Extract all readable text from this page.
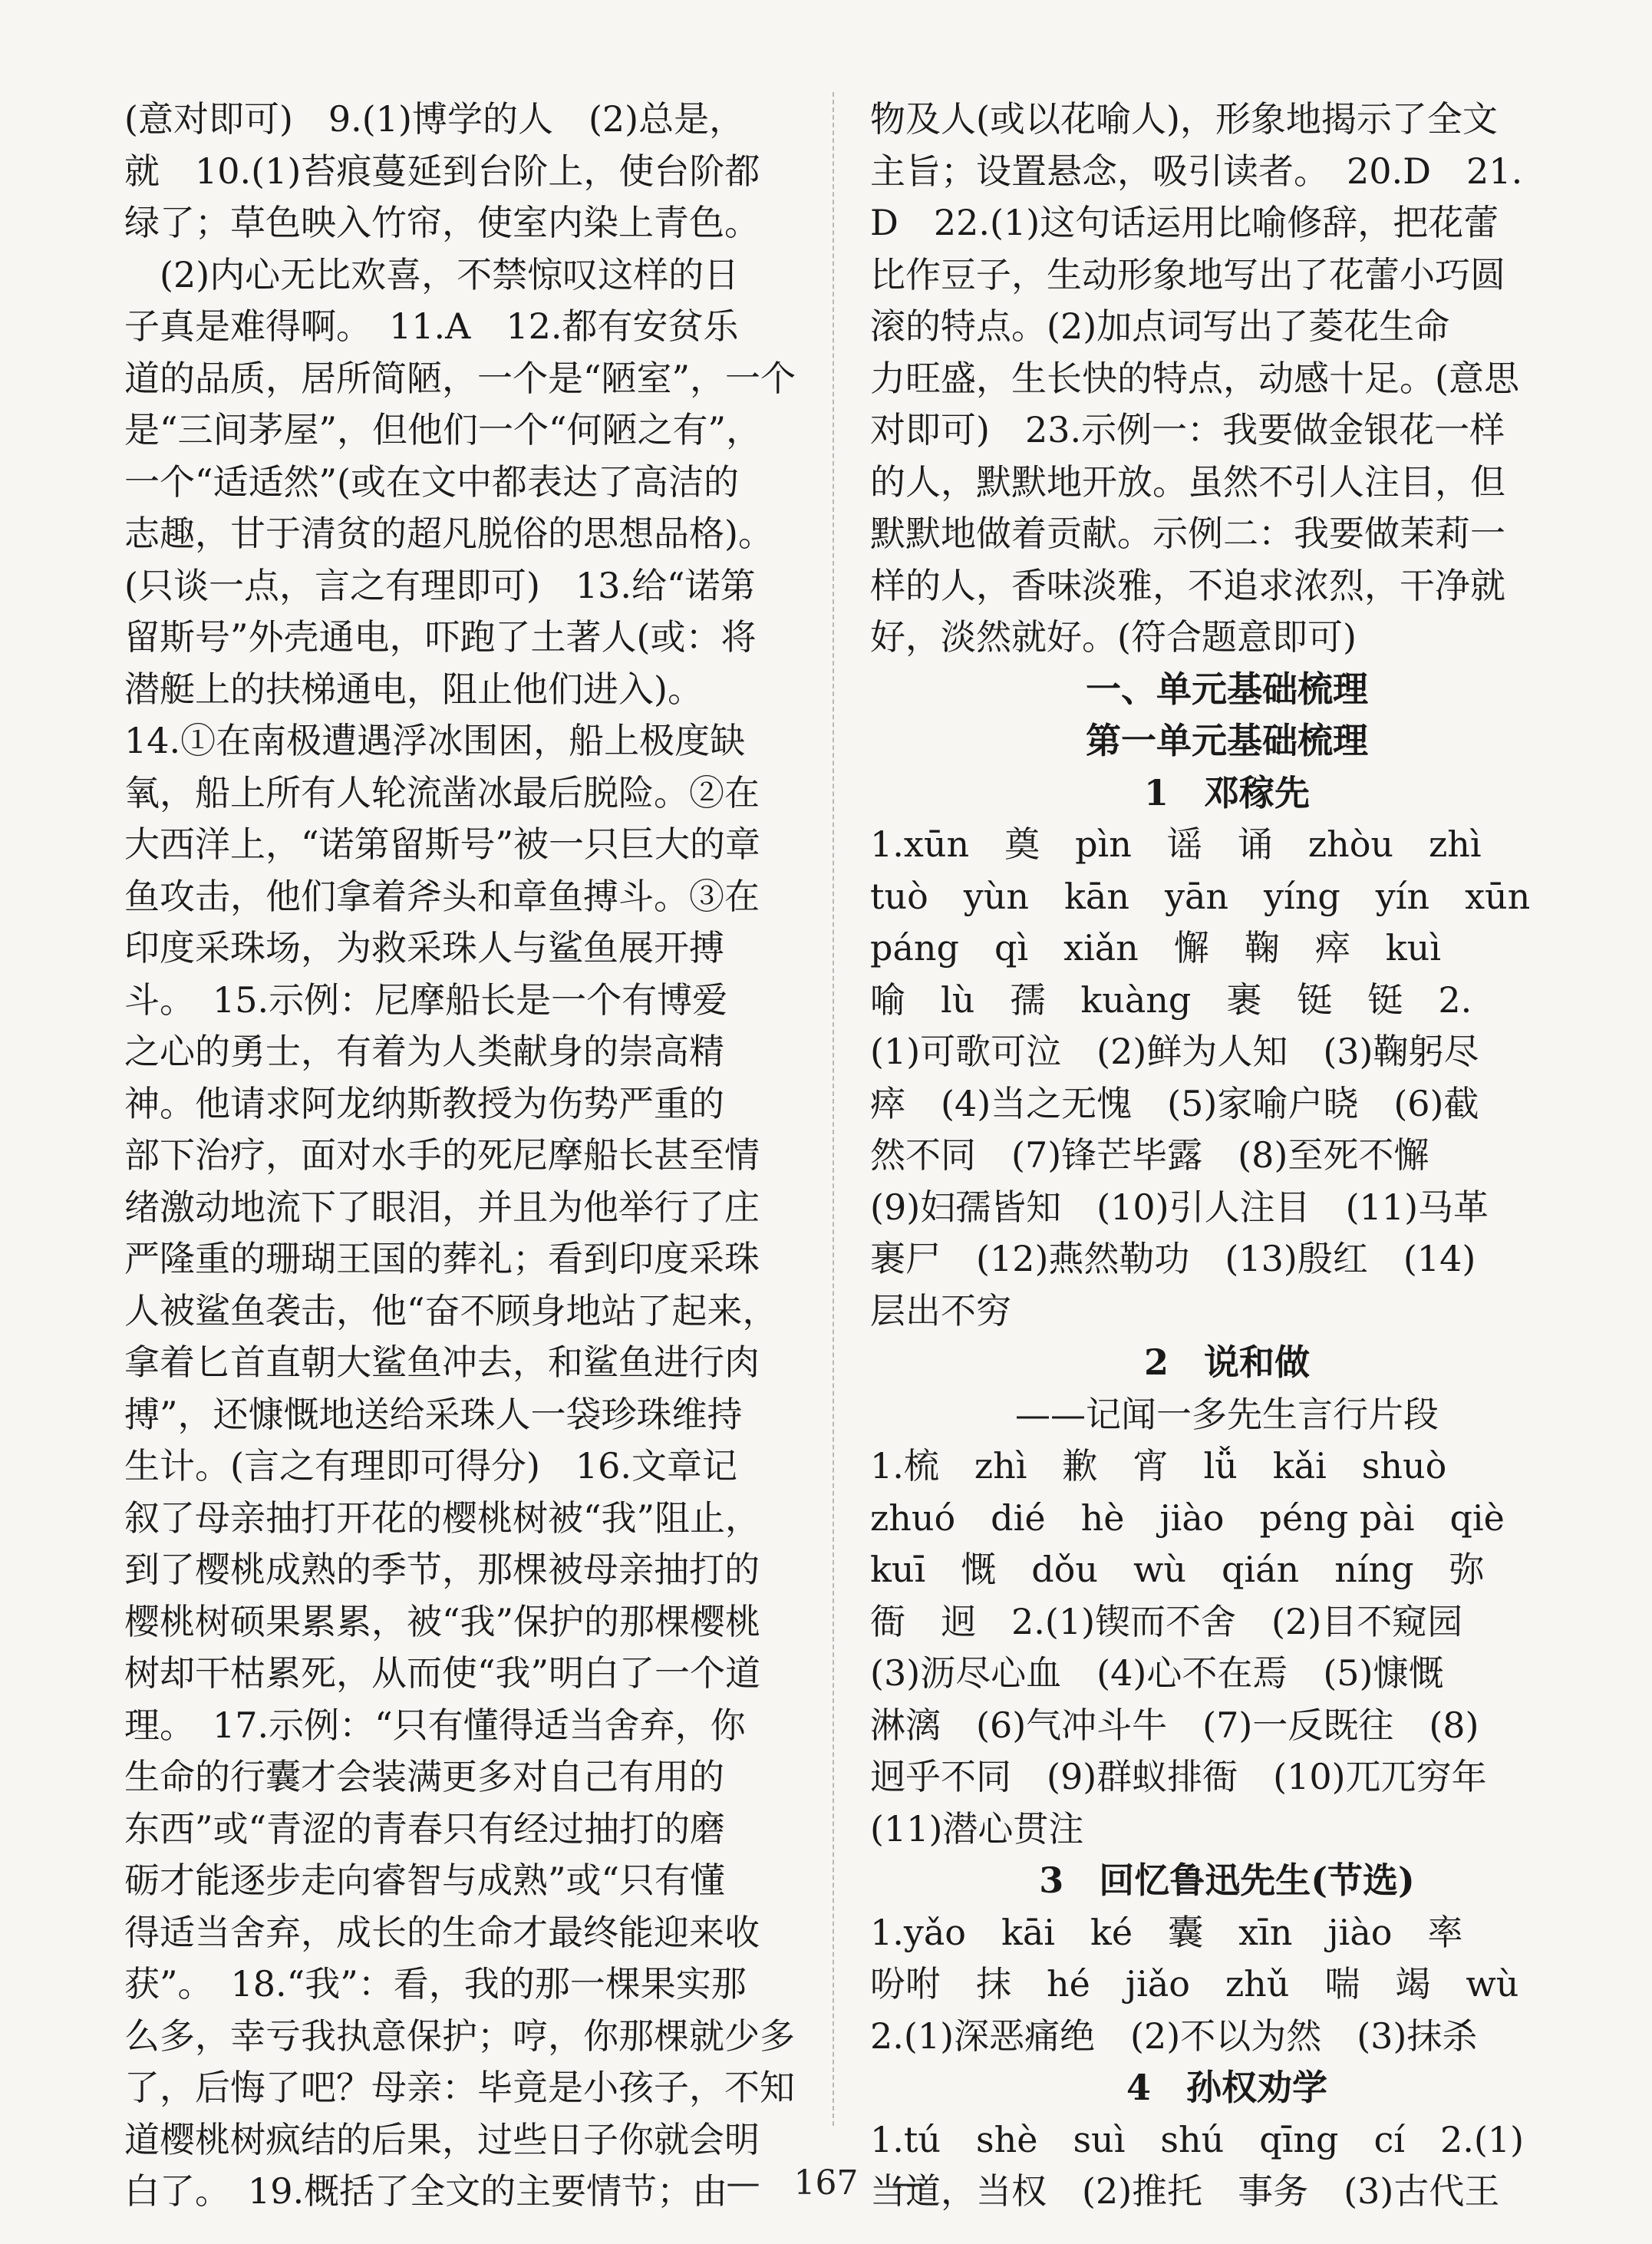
(意对即可)　9.(1)博学的人　(2)总是，
就　10.(1)苔痕蔓延到台阶上，使台阶都
绿了；草色映入竹帘，使室内染上青色。
　(2)内心无比欢喜，不禁惊叹这样的日
子真是难得啊。　11.A　12.都有安贫乐
道的品质，居所简陋，一个是“陋室”，一个
是“三间茅屋”，但他们一个“何陋之有”，
一个“适适然”(或在文中都表达了高洁的
志趣，甘于清贫的超凡脱俗的思想品格)。
(只谈一点，言之有理即可)　13.给“诺第
留斯号”外壳通电，吓跑了土著人(或：将
潜艇上的扶梯通电，阻止他们进入)。
14.①在南极遭遇浮冰围困，船上极度缺
氧，船上所有人轮流凿冰最后脱险。②在
大西洋上，“诺第留斯号”被一只巨大的章
鱼攻击，他们拿着斧头和章鱼搏斗。③在
印度采珠场，为救采珠人与鲨鱼展开搏
斗。　15.示例：尼摩船长是一个有博爱
之心的勇士，有着为人类献身的崇高精
神。他请求阿龙纳斯教授为伤势严重的
部下治疗，面对水手的死尼摩船长甚至情
绪激动地流下了眼泪，并且为他举行了庄
严隆重的珊瑚王国的葬礼；看到印度采珠
人被鲨鱼袭击，他“奋不顾身地站了起来，
拿着匕首直朝大鲨鱼冲去，和鲨鱼进行肉
搏”，还慷慨地送给采珠人一袋珍珠维持
生计。(言之有理即可得分)　16.文章记
叙了母亲抽打开花的樱桃树被“我”阻止，
到了樱桃成熟的季节，那棵被母亲抽打的
樱桃树硕果累累，被“我”保护的那棵樱桃
树却干枯累死，从而使“我”明白了一个道
理。　17.示例：“只有懂得适当舍弃，你
生命的行囊才会装满更多对自己有用的
东西”或“青涩的青春只有经过抽打的磨
砺才能逐步走向睿智与成熟”或“只有懂
得适当舍弃，成长的生命才最终能迎来收
获”。　18.“我”：看，我的那一棵果实那
么多，幸亏我执意保护；哼，你那棵就少多
了，后悔了吧？母亲：毕竟是小孩子，不知
道樱桃树疯结的后果，过些日子你就会明
白了。　19.概括了全文的主要情节；由
物及人(或以花喻人)，形象地揭示了全文
主旨；设置悬念，吸引读者。　20.D　21.
D　22.(1)这句话运用比喻修辞，把花蕾
比作豆子，生动形象地写出了花蕾小巧圆
滚的特点。(2)加点词写出了菱花生命
力旺盛，生长快的特点，动感十足。(意思
对即可)　23.示例一：我要做金银花一样
的人，默默地开放。虽然不引人注目，但
默默地做着贡献。示例二：我要做茉莉一
样的人，香味淡雅，不追求浓烈，干净就
好，淡然就好。(符合题意即可)
一、单元基础梳理
第一单元基础梳理
1　邓稼先
1.xūn　奠　pìn　谣　诵　zhòu　zhì
tuò　yùn　kān　yān　yíng　yín　xūn
páng　qì　xiǎn　懈　鞠　瘁　kuì
喻　lù　孺　kuàng　裹　铤　铤　2.
(1)可歌可泣　(2)鲜为人知　(3)鞠躬尽
瘁　(4)当之无愧　(5)家喻户晓　(6)截
然不同　(7)锋芒毕露　(8)至死不懈
(9)妇孺皆知　(10)引人注目　(11)马革
裹尸　(12)燕然勒功　(13)殷红　(14)
层出不穷
2　说和做
——记闻一多先生言行片段
1.梳　zhì　歉　宵　lǚ　kǎi　shuò
zhuó　dié　hè　jiào　péng pài　qiè
kuī　慨　dǒu　wù　qián　níng　弥
衙　迥　2.(1)锲而不舍　(2)目不窥园
(3)沥尽心血　(4)心不在焉　(5)慷慨
淋漓　(6)气冲斗牛　(7)一反既往　(8)
迥乎不同　(9)群蚁排衙　(10)兀兀穷年
(11)潜心贯注
3　回忆鲁迅先生(节选)
1.yǎo　kāi　ké　囊　xīn　jiào　率
吩咐　抹　hé　jiǎo　zhǔ　喘　竭　wù
2.(1)深恶痛绝　(2)不以为然　(3)抹杀
4　孙权劝学
1.tú　shè　suì　shú　qīng　cí　2.(1)
当道，当权　(2)推托　事务　(3)古代王
—　167　—
